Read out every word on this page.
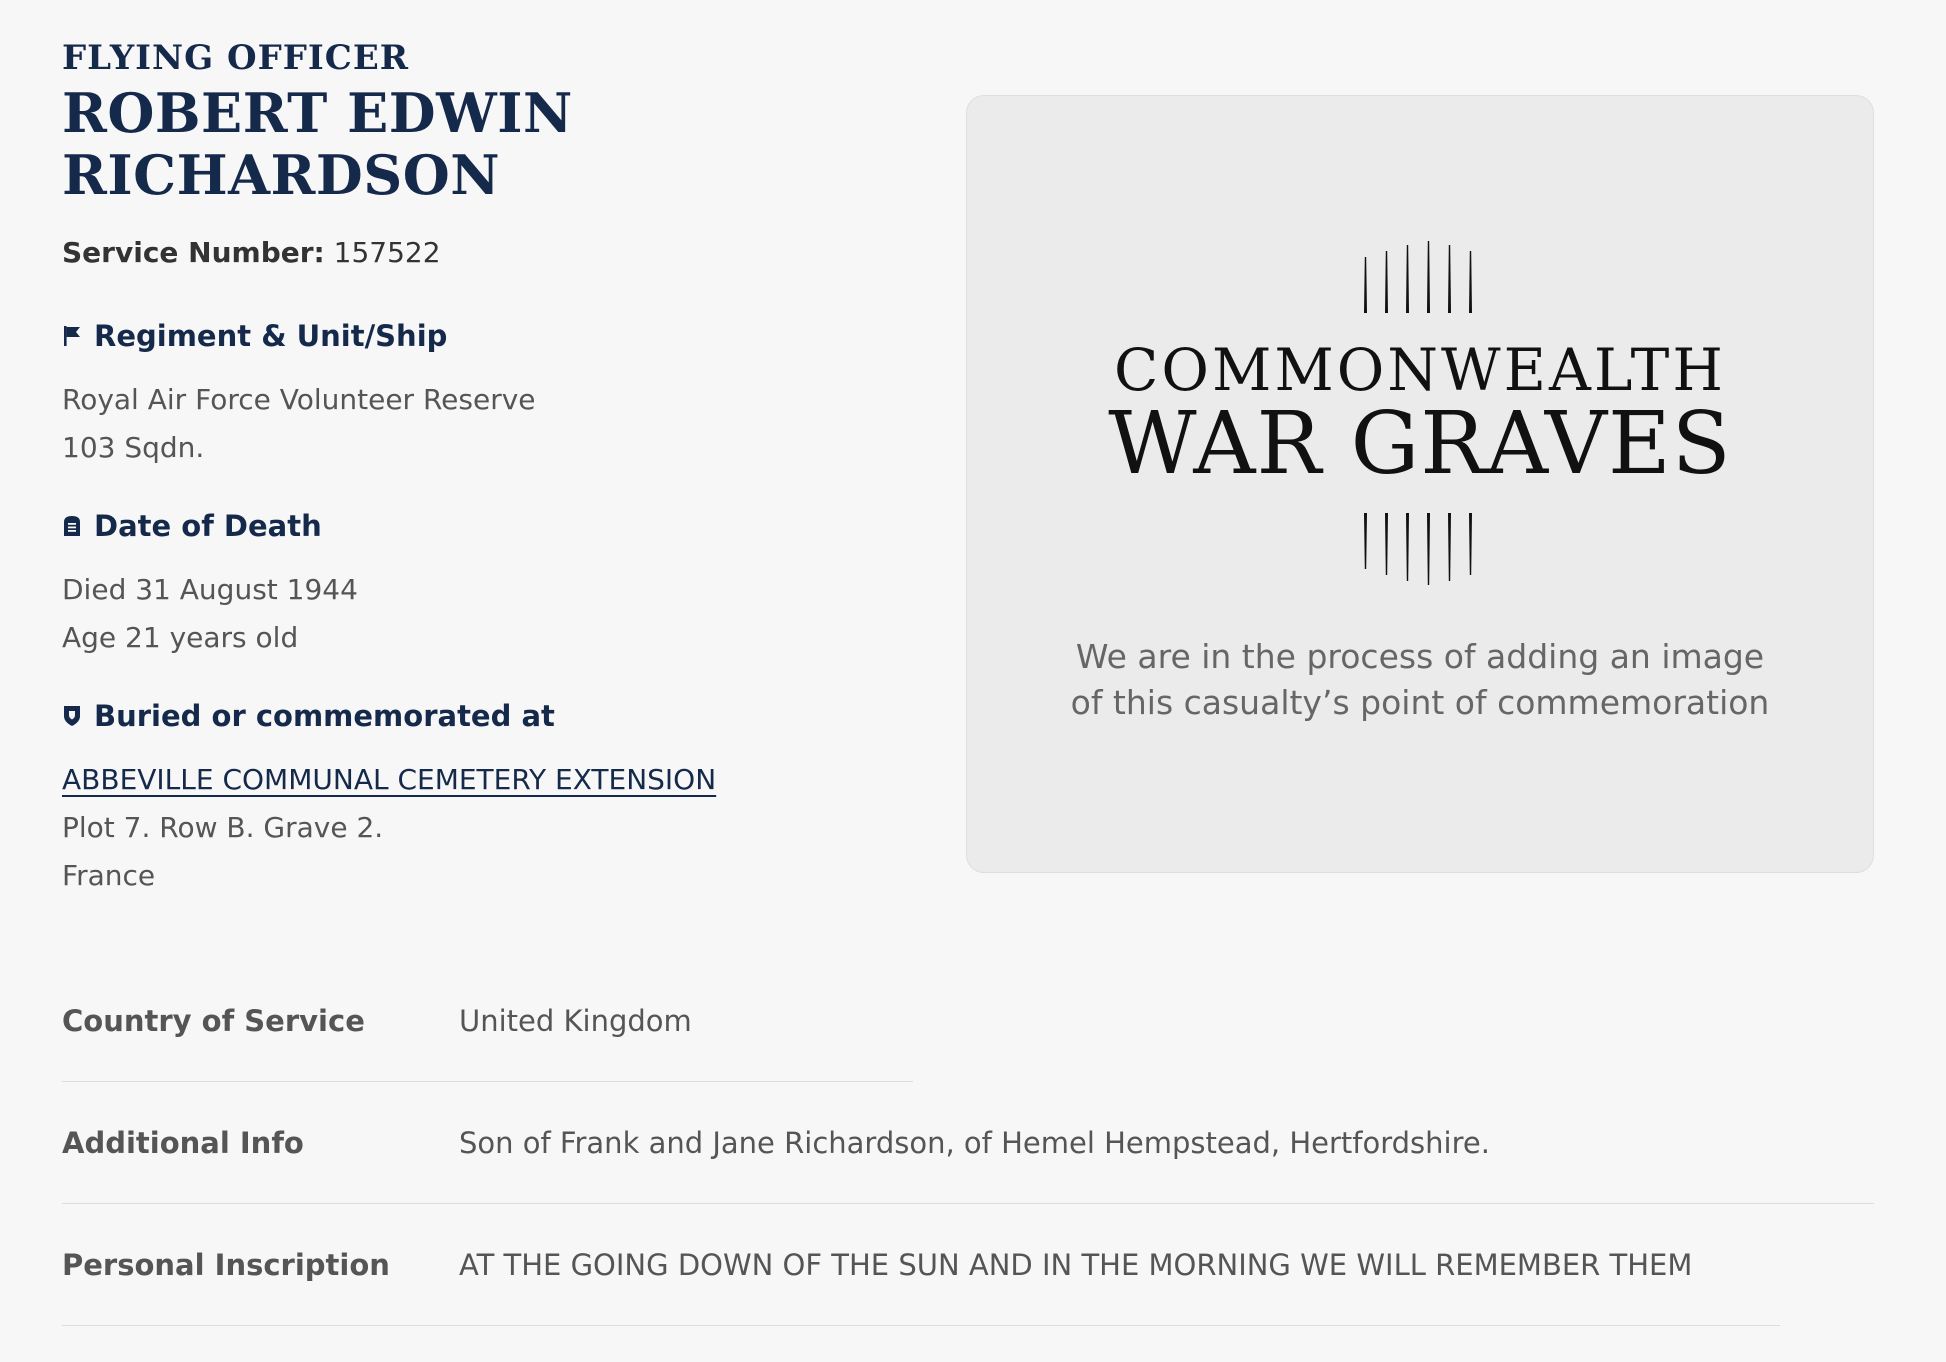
FLYING OFFICER
ROBERT EDWIN
RICHARDSON
Service Number: 157522
Regiment & Unit/Ship
Royal Air Force Volunteer Reserve
103 Sqdn.
Date of Death
Died 31 August 1944
Age 21 years old
Buried or commemorated at
ABBEVILLE COMMUNAL CEMETERY EXTENSION
Plot 7. Row B. Grave 2.
France
COMMONWEALTH
WAR GRAVES
We are in the process of adding an image
of this casualty’s point of commemoration
Country of Service	United Kingdom
Additional Info	Son of Frank and Jane Richardson, of Hemel Hempstead, Hertfordshire.
Personal Inscription	AT THE GOING DOWN OF THE SUN AND IN THE MORNING WE WILL REMEMBER THEM
